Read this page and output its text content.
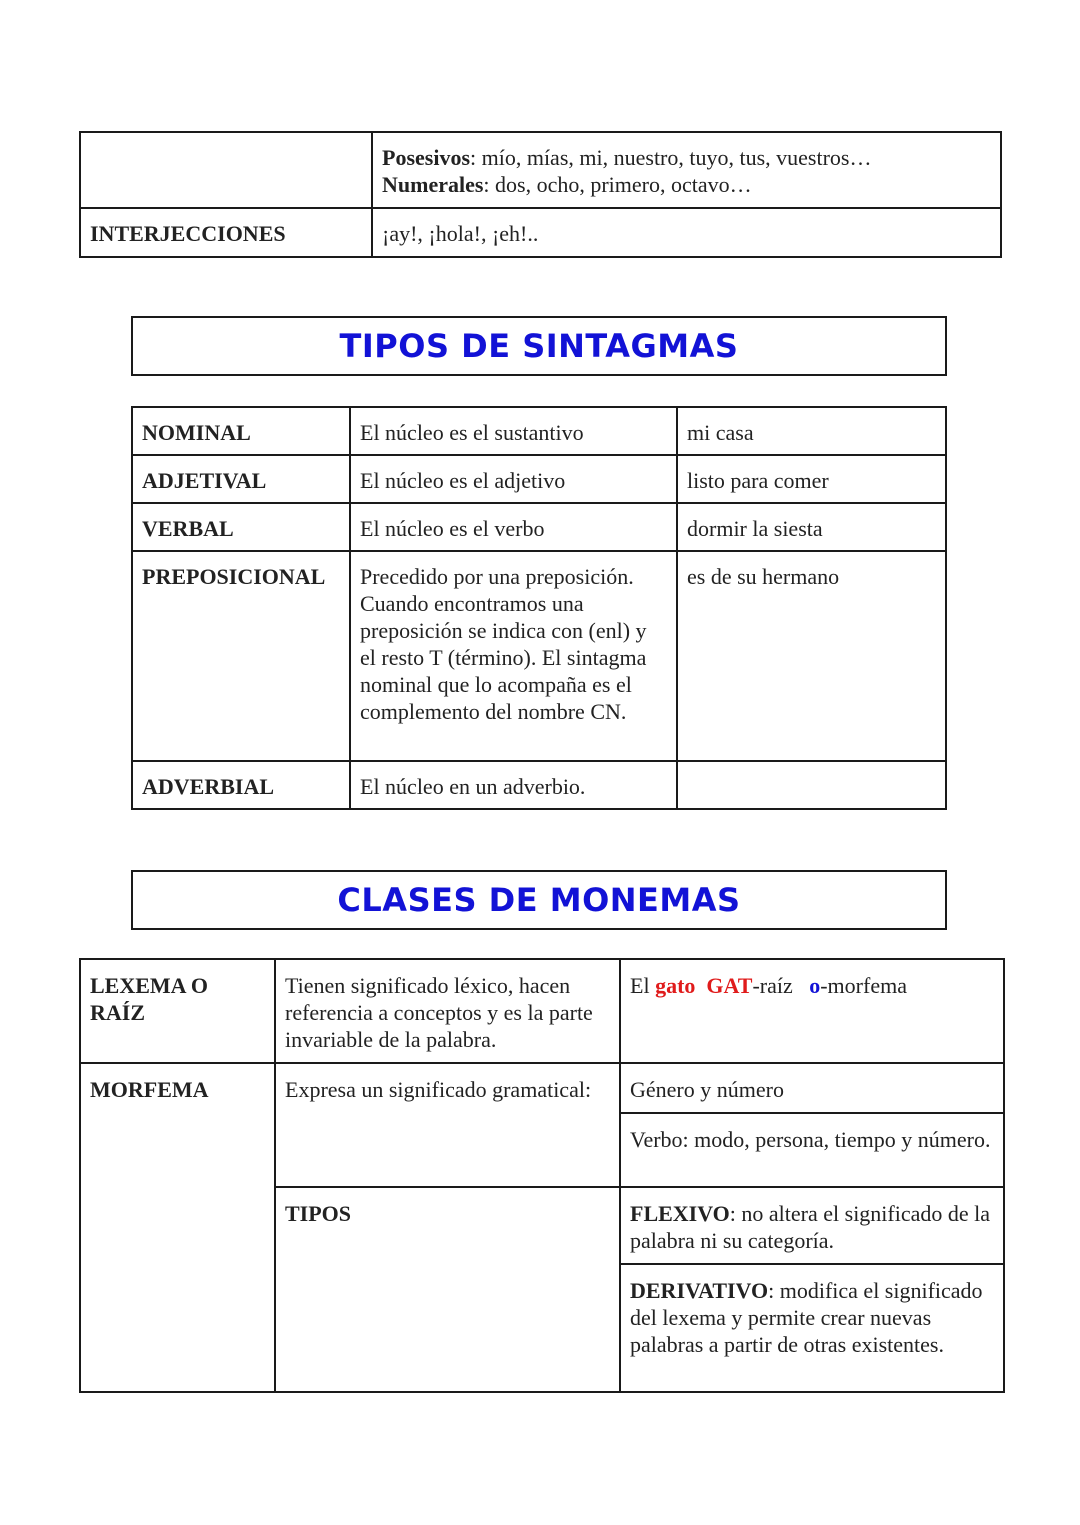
	Posesivos: mío, mías, mi, nuestro, tuyo, tus, vuestros…
Numerales: dos, ocho, primero, octavo…
INTERJECCIONES	¡ay!, ¡hola!, ¡eh!..
TIPOS DE SINTAGMAS
NOMINAL	El núcleo es el sustantivo	mi casa
ADJETIVAL	El núcleo es el adjetivo	listo para comer
VERBAL	El núcleo es el verbo	dormir la siesta
PREPOSICIONAL	Precedido por una preposición. Cuando encontramos una preposición se indica con (enl) y el resto T (término). El sintagma nominal que lo acompaña es el complemento del nombre CN.	es de su hermano
ADVERBIAL	El núcleo en un adverbio.	
CLASES DE MONEMAS
LEXEMA O RAÍZ	Tienen significado léxico, hacen referencia a conceptos y es la parte invariable de la palabra.	El gato GAT-raíz o-morfema
MORFEMA	Expresa un significado gramatical:	Género y número
		Verbo: modo, persona, tiempo y número.
	TIPOS	FLEXIVO: no altera el significado de la palabra ni su categoría.
		DERIVATIVO: modifica el significado del lexema y permite crear nuevas palabras a partir de otras existentes.
